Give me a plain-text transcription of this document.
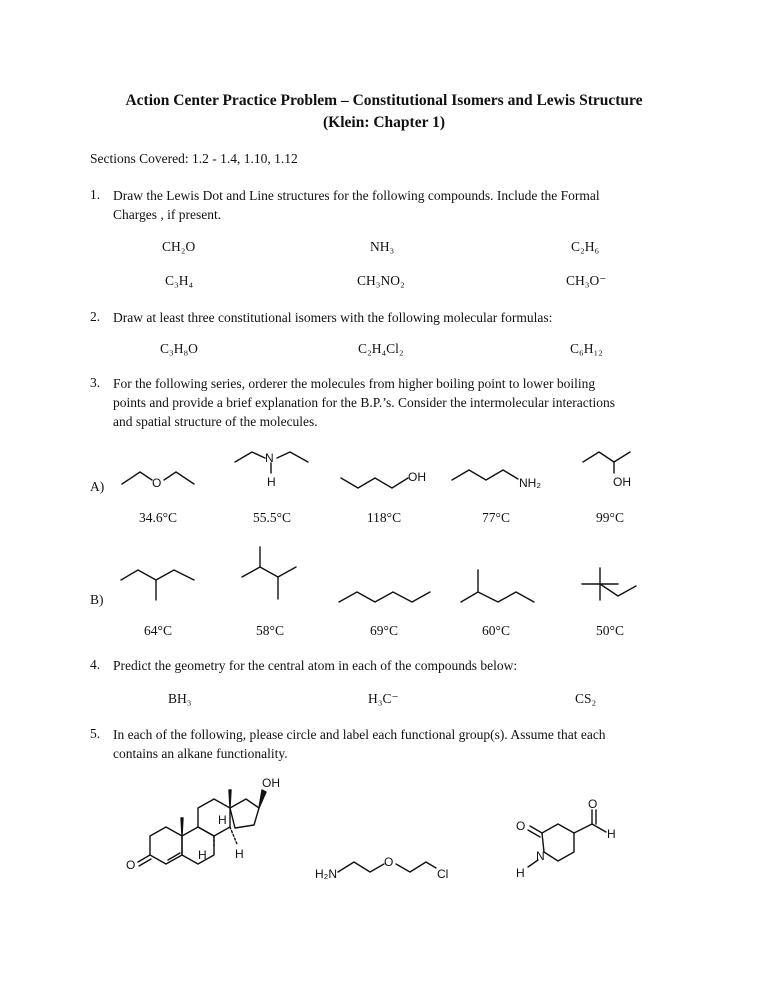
Action Center Practice Problem – Constitutional Isomers and Lewis Structure
(Klein: Chapter 1)
Sections Covered: 1.2 - 1.4, 1.10, 1.12
1. Draw the Lewis Dot and Line structures for the following compounds. Include the Formal
Charges , if present.
CH₂O	NH₃	C₂H₆
C₃H₄	CH₃NO₂	CH₃O⁻
2. Draw at least three constitutional isomers with the following molecular formulas:
C₃H₈O	C₂H₄Cl₂	C₆H₁₂
3. For the following series, orderer the molecules from higher boiling point to lower boiling
points and provide a brief explanation for the B.P.’s. Consider the intermolecular interactions
and spatial structure of the molecules.
A)	O
N
H	OH	NH₂	OH
34.6°C	55.5°C	118°C	77°C	99°C
B)
64°C	58°C	69°C	60°C	50°C
4. Predict the geometry for the central atom in each of the compounds below:
BH₃	H₃C⁻	CS₂
5. In each of the following, please circle and label each functional group(s). Assume that each
contains an alkane functionality.
O
OH
H
H H
H₂N
O
Cl
O
N
H
O
H
